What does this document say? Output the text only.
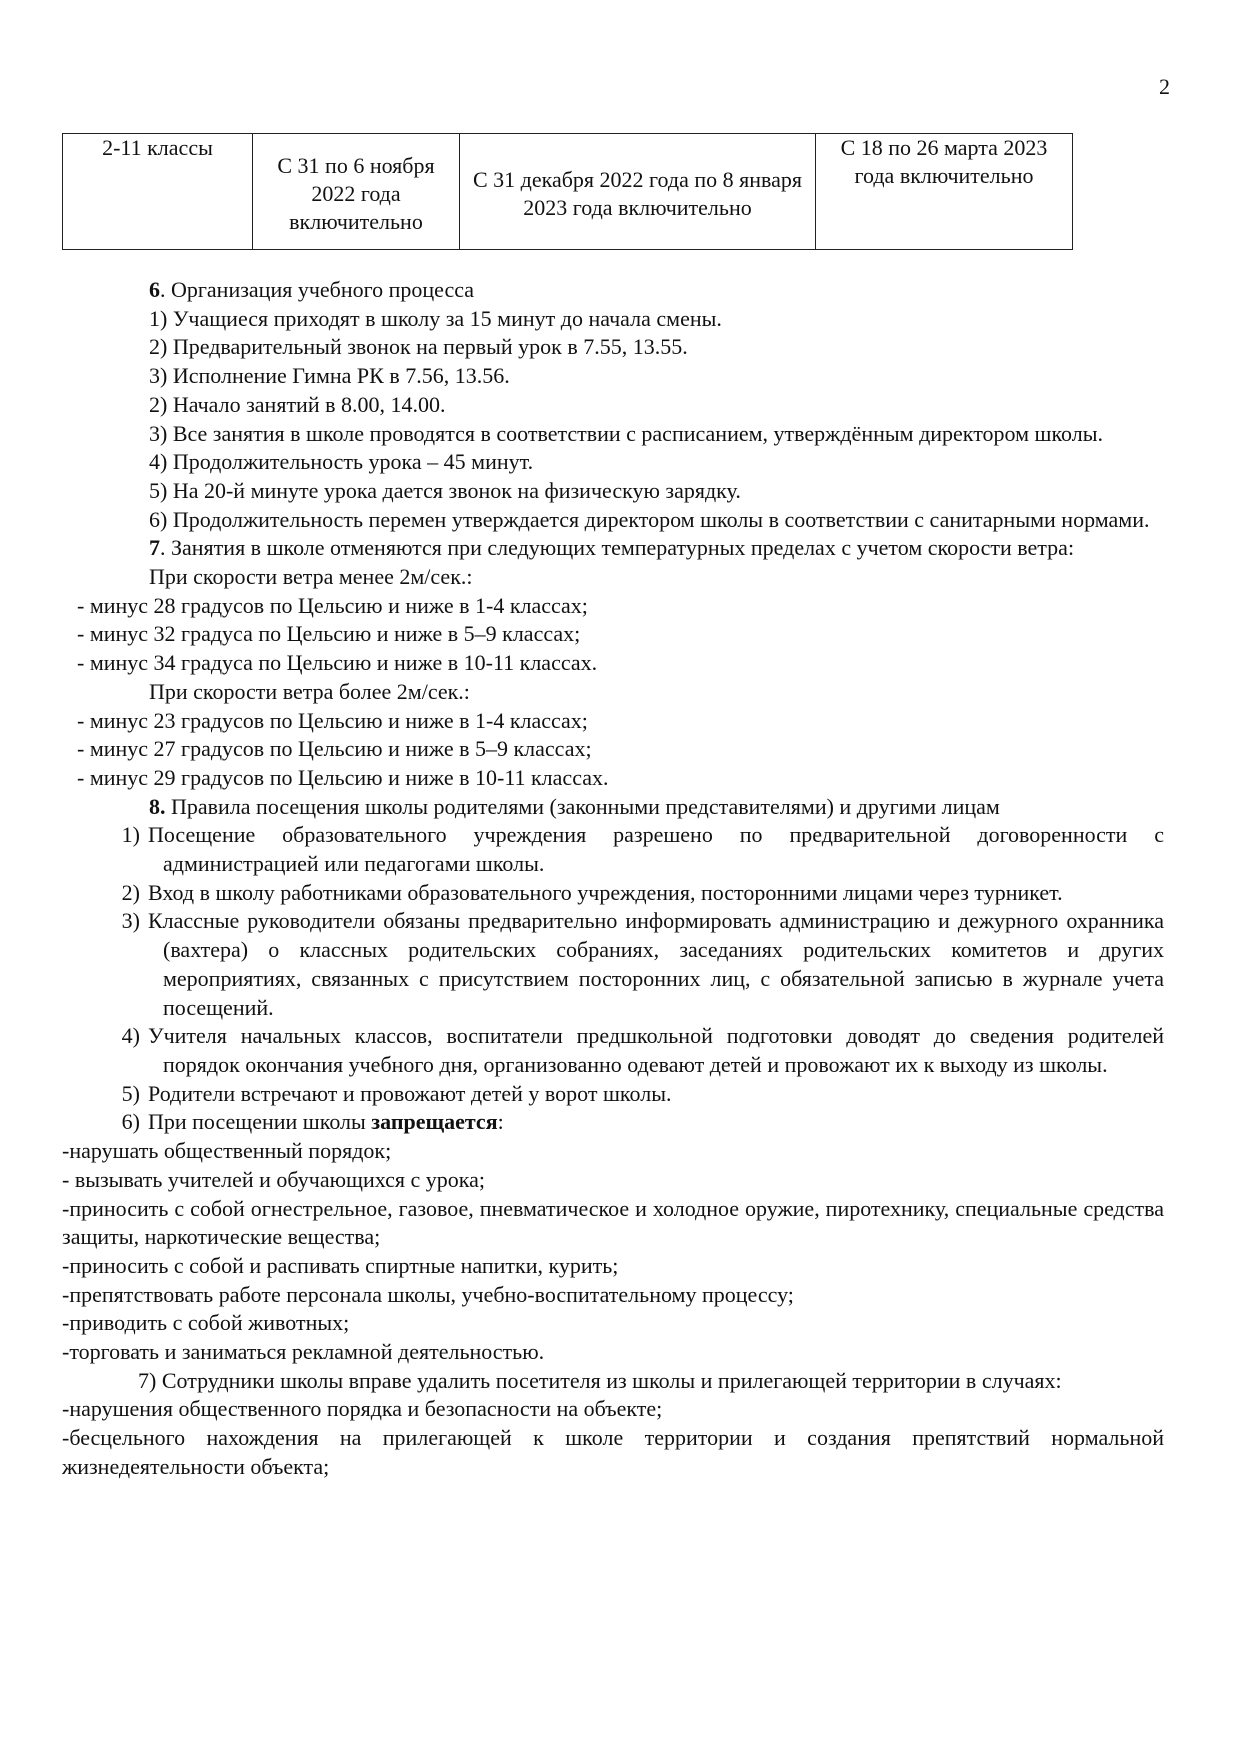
2
2-11 классы	С 31 по 6 ноября 2022 года включительно	С 31 декабря 2022 года по 8 января 2023 года включительно	С 18 по 26 марта 2023 года включительно

6. Организация учебного процесса

1) Учащиеся приходят в школу за 15 минут до начала смены.

2) Предварительный звонок на первый урок в 7.55, 13.55.

3) Исполнение Гимна РК в 7.56, 13.56.

2) Начало занятий в 8.00, 14.00.

3) Все занятия в школе проводятся в соответствии с расписанием, утверждённым директором школы.

4) Продолжительность урока – 45 минут.

5) На 20-й минуте урока дается звонок на физическую зарядку.

6) Продолжительность перемен утверждается директором школы в соответствии с санитарными нормами.

7. Занятия в школе отменяются при следующих температурных пределах с учетом скорости ветра:

При скорости ветра менее 2м/сек.:

- минус 28 градусов по Цельсию и ниже в 1-4 классах;

- минус 32 градуса по Цельсию и ниже в 5–9 классах;

- минус 34 градуса по Цельсию и ниже в 10-11 классах.

При скорости ветра более 2м/сек.:

- минус 23 градусов по Цельсию и ниже в 1-4 классах;

- минус 27 градусов по Цельсию и ниже в 5–9 классах;

- минус 29 градусов по Цельсию и ниже в 10-11 классах.

8. Правила посещения школы родителями (законными представителями) и другими лицам

1) Посещение образовательного учреждения разрешено по предварительной договоренности с администрацией или педагогами школы.
2) Вход в школу работниками образовательного учреждения, посторонними лицами через турникет.
3) Классные руководители обязаны предварительно информировать администрацию и дежурного охранника (вахтера) о классных родительских собраниях, заседаниях родительских комитетов и других мероприятиях, связанных с присутствием посторонних лиц, с обязательной записью в журнале учета посещений.
4) Учителя начальных классов, воспитатели предшкольной подготовки доводят до сведения родителей порядок окончания учебного дня, организованно одевают детей и провожают их к выходу из школы.
5) Родители встречают и провожают детей у ворот школы.
6) При посещении школы запрещается:

-нарушать общественный порядок;

- вызывать учителей и обучающихся с урока;

-приносить с собой огнестрельное, газовое, пневматическое и холодное оружие, пиротехнику, специальные средства защиты, наркотические вещества;

-приносить с собой и распивать спиртные напитки, курить;

-препятствовать работе персонала школы, учебно-воспитательному процессу;

-приводить с собой животных;

-торговать и заниматься рекламной деятельностью.

7) Сотрудники школы вправе удалить посетителя из школы и прилегающей территории в случаях:

-нарушения общественного порядка и безопасности на объекте;

-бесцельного нахождения на прилегающей к школе территории и создания препятствий нормальной жизнедеятельности объекта;
